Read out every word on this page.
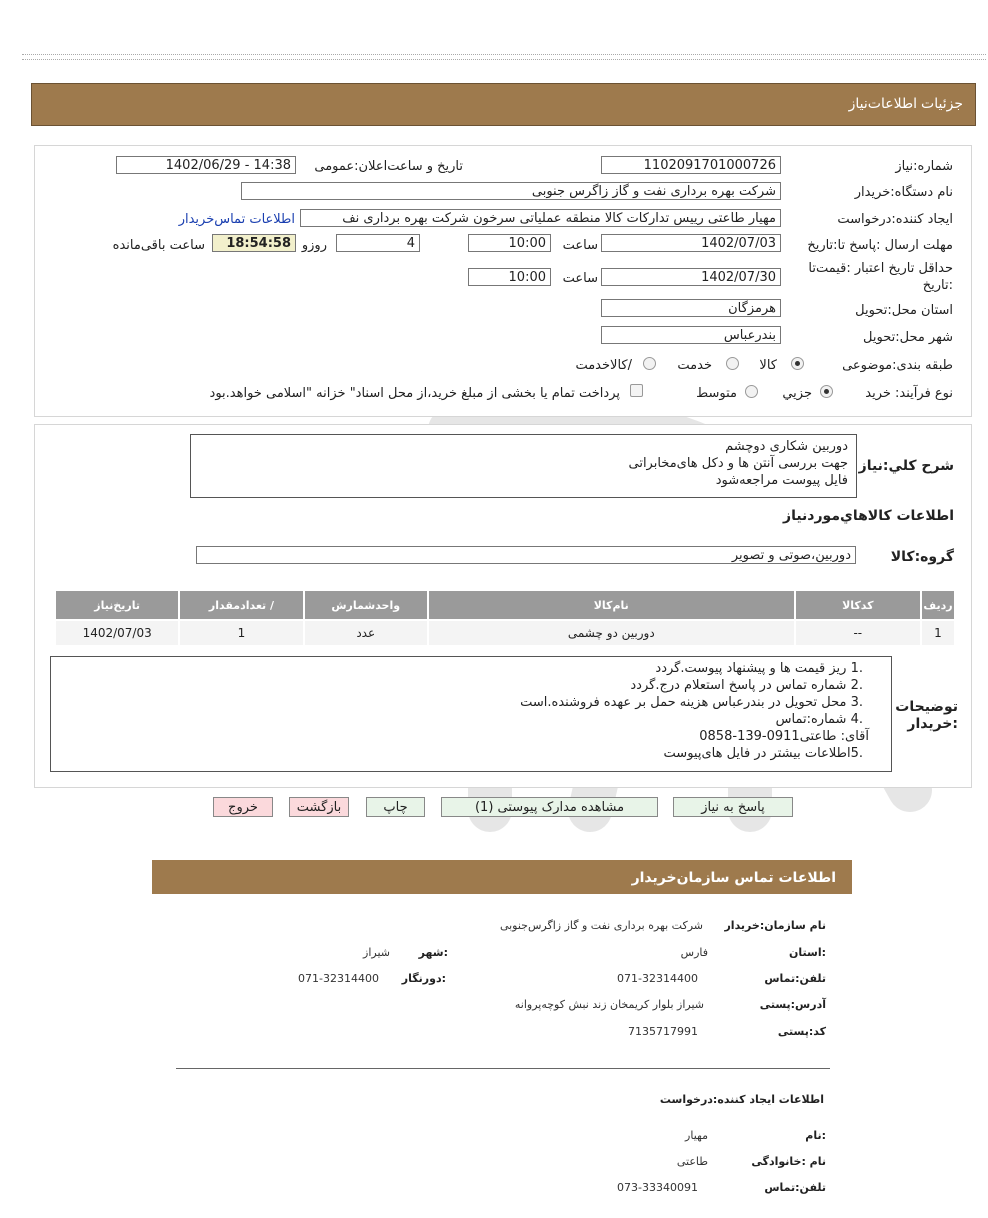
جزئیات
اطلاعات‌نیاز
شماره:نیاز
1102091701000726
تاریخ و ساعت‌اعلان:عمومی
1402/06/29 - 14:38
نام دستگاه:خریدار
شرکت بهره برداری نفت و گاز زاگرس جنوبی
ایجاد کننده:درخواست
مهیار طاعتی رییس تدارکات کالا منطقه عملیاتی سرخون شرکت بهره برداری نف
اطلاعات تماس‌خریدار
مهلت ارسال :پاسخ تا:تاریخ
1402/07/03
ساعت
10:00
4
روزو
18:54:58
ساعت باقی‌مانده
حداقل تاریخ اعتبار :قیمت‌تا
:تاریخ
1402/07/30
ساعت
10:00
استان محل:تحویل
هرمزگان
شهر محل:تحویل
بندرعباس
طبقه بندی:موضوعی
کالا
خدمت
/کالاخدمت
نوع فرآیند: خرید
جزیي
متوسط
پرداخت تمام یا بخشی از مبلغ خرید،از محل اسناد" خزانه "اسلامی خواهد.بود
شرح کلي:نیاز
دوربین شکاری دوچشم
جهت بررسی آنتن ها و دکل های‌مخابراتی
فایل پیوست مراجعه‌شود
اطلاعات کالاهاي‌موردنیاز
گروه:کالا
دوربین،صوتی و تصویر
ردیف	کدکالا	نام‌کالا	واحدشمارش	/ تعدادمقدار	تاریخ‌نیاز
1	--	دوربین دو چشمی	عدد	1	1402/07/03
توضیحات
:خریدار
.1 ریز قیمت ها و پیشنهاد پیوست.گردد
.2 شماره تماس در پاسخ استعلام درج.گردد
.3 محل تحویل در بندرعباس هزینه حمل بر عهده فروشنده.است
.4 شماره:تماس
آقای: طاعتی0911-139-0858
.5اطلاعات بیشتر در فایل های‌پیوست
پاسخ به نیاز
مشاهده مدارک پیوستی (1)
چاپ
بازگشت
خروج
اطلاعات تماس سازمان‌خریدار
نام سازمان:خریدار
شرکت بهره برداری نفت و گاز زاگرس‌جنوبی
:استان
فارس
:شهر
شیراز
تلفن:تماس
071-32314400
:دورنگار
071-32314400
آدرس:پستی
شیراز بلوار کریمخان زند نبش کوچه‌پروانه
کد:پستی
7135717991
اطلاعات ایجاد کننده:درخواست
:نام
مهیار
نام :خانوادگی
طاعتی
تلفن:تماس
073-33340091
